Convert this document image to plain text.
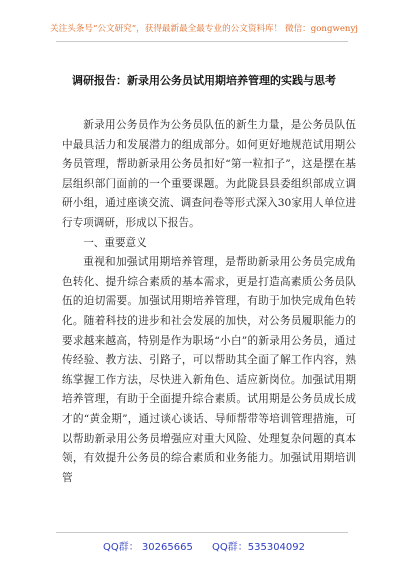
关注头条号“公文研究”，获得最新最全最专业的公文资料库！ 微信：gongwenyj
调研报告：新录用公务员试用期培养管理的实践与思考

新录用公务员作为公务员队伍的新生力量，是公务员队伍中最具活力和发展潜力的组成部分。如何更好地规范试用期公务员管理，帮助新录用公务员扣好“第一粒扣子”，这是摆在基层组织部门面前的一个重要课题。为此陇县县委组织部成立调研小组，通过座谈交流、调查问卷等形式深入30家用人单位进行专项调研，形成以下报告。

一、重要意义

重视和加强试用期培养管理，是帮助新录用公务员完成角色转化、提升综合素质的基本需求，更是打造高素质公务员队伍的迫切需要。加强试用期培养管理，有助于加快完成角色转化。随着科技的进步和社会发展的加快，对公务员履职能力的要求越来越高，特别是作为职场“小白”的新录用公务员，通过传经验、教方法、引路子，可以帮助其全面了解工作内容，熟练掌握工作方法，尽快进入新角色、适应新岗位。加强试用期培养管理，有助于全面提升综合素质。试用期是公务员成长成才的“黄金期”，通过谈心谈话、导师帮带等培训管理措施，可以帮助新录用公务员增强应对重大风险、处理复杂问题的真本领，有效提升公务员的综合素质和业务能力。加强试用期培训管

QQ群： 30265665 QQ群：535304092
